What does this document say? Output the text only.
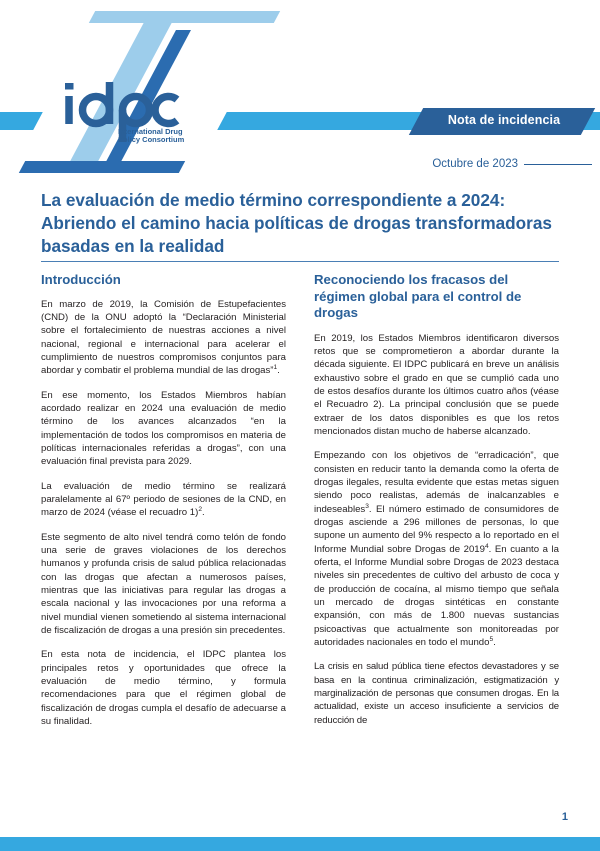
Nota de incidencia
International Drug
Policy Consortium
Octubre de 2023
La evaluación de medio término correspondiente a 2024: Abriendo el camino hacia políticas de drogas transformadoras basadas en la realidad
Introducción

En marzo de 2019, la Comisión de Estupefacientes (CND) de la ONU adoptó la “Declaración Ministerial sobre el fortalecimiento de nuestras acciones a nivel nacional, regional e internacional para acelerar el cumplimiento de nuestros compromisos conjuntos para abordar y combatir el problema mundial de las drogas”$^1$.

En ese momento, los Estados Miembros habían acordado realizar en 2024 una evaluación de medio término de los avances alcanzados “en la implementación de todos los compromisos en materia de políticas internacionales referidas a drogas”, con una evaluación final prevista para 2029.

La evaluación de medio término se realizará paralelamente al 67º periodo de sesiones de la CND, en marzo de 2024 (véase el recuadro 1)$^2$.

Este segmento de alto nivel tendrá como telón de fondo una serie de graves violaciones de los derechos humanos y profunda crisis de salud pública relacionadas con las drogas que afectan a numerosos países, mientras que las iniciativas para regular las drogas a escala nacional y las invocaciones por una reforma a nivel mundial vienen sometiendo al sistema internacional de fiscalización de drogas a una presión sin precedentes.

En esta nota de incidencia, el IDPC plantea los principales retos y oportunidades que ofrece la evaluación de medio término, y formula recomendaciones para que el régimen global de fiscalización de drogas cumpla el desafío de adecuarse a su finalidad.

Reconociendo los fracasos del régimen global para el control de drogas

En 2019, los Estados Miembros identificaron diversos retos que se comprometieron a abordar durante la década siguiente. El IDPC publicará en breve un análisis exhaustivo sobre el grado en que se cumplió cada uno de estos desafíos durante los últimos cuatro años (véase el Recuadro 2). La principal conclusión que se puede extraer de los datos disponibles es que los retos mencionados distan mucho de haberse alcanzado.

Empezando con los objetivos de “erradicación”, que consisten en reducir tanto la demanda como la oferta de drogas ilegales, resulta evidente que estas metas siguen siendo poco realistas, además de inalcanzables e indeseables$^3$. El número estimado de consumidores de drogas asciende a 296 millones de personas, lo que supone un aumento del 9% respecto a lo reportado en el Informe Mundial sobre Drogas de 2019$^4$. En cuanto a la oferta, el Informe Mundial sobre Drogas de 2023 destaca niveles sin precedentes de cultivo del arbusto de coca y de producción de cocaína, al mismo tiempo que señala un mercado de drogas sintéticas en constante expansión, con más de 1.800 nuevas sustancias psicoactivas que actualmente son monitoreadas por autoridades nacionales en todo el mundo$^5$.

La crisis en salud pública tiene efectos devastadores y se basa en la continua criminalización, estigmatización y marginalización de personas que consumen drogas. En la actualidad, existe un acceso insuficiente a servicios de reducción de

1
